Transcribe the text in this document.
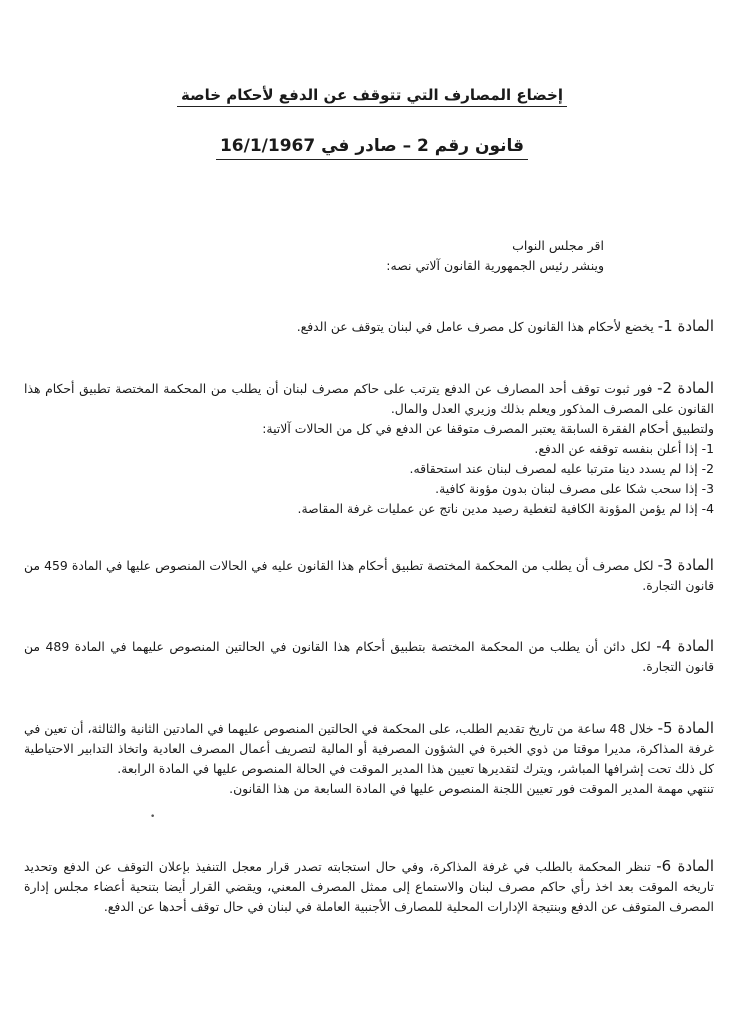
إخضاع المصارف التي تتوقف عن الدفع لأحكام خاصة
قانون رقم 2 – صادر في 16/1/1967
اقر مجلس النواب
وينشر رئيس الجمهورية القانون آلاتي نصه:

المادة 1- يخضع لأحكام هذا القانون كل مصرف عامل في لبنان يتوقف عن الدفع.

المادة 2- فور ثبوت توقف أحد المصارف عن الدفع يترتب على حاكم مصرف لبنان أن يطلب من المحكمة المختصة تطبيق أحكام هذا القانون على المصرف المذكور ويعلم بذلك وزيري العدل والمال.

ولتطبيق أحكام الفقرة السابقة يعتبر المصرف متوقفا عن الدفع في كل من الحالات آلاتية:

1- إذا أعلن بنفسه توقفه عن الدفع.
2- إذا لم يسدد دينا مترتبا عليه لمصرف لبنان عند استحقاقه.
3- إذا سحب شكا على مصرف لبنان بدون مؤونة كافية.
4- إذا لم يؤمن المؤونة الكافية لتغطية رصيد مدين ناتج عن عمليات غرفة المقاصة.

المادة 3- لكل مصرف أن يطلب من المحكمة المختصة تطبيق أحكام هذا القانون عليه في الحالات المنصوص عليها في المادة 459 من قانون التجارة.

المادة 4- لكل دائن أن يطلب من المحكمة المختصة بتطبيق أحكام هذا القانون في الحالتين المنصوص عليهما في المادة 489 من قانون التجارة.

المادة 5- خلال 48 ساعة من تاريخ تقديم الطلب، على المحكمة في الحالتين المنصوص عليهما في المادتين الثانية والثالثة، أن تعين في غرفة المذاكرة، مديرا موقتا من ذوي الخبرة في الشؤون المصرفية أو المالية لتصريف أعمال المصرف العادية واتخاذ التدابير الاحتياطية كل ذلك تحت إشرافها المباشر، ويترك لتقديرها تعيين هذا المدير الموقت في الحالة المنصوص عليها في المادة الرابعة.

تنتهي مهمة المدير الموقت فور تعيين اللجنة المنصوص عليها في المادة السابعة من هذا القانون.

المادة 6- تنظر المحكمة بالطلب في غرفة المذاكرة، وفي حال استجابته تصدر قرار معجل التنفيذ بإعلان التوقف عن الدفع وتحديد تاريخه الموقت بعد اخذ رأي حاكم مصرف لبنان والاستماع إلى ممثل المصرف المعني، ويقضي القرار أيضا بتنحية أعضاء مجلس إدارة المصرف المتوقف عن الدفع وبنتيجة الإدارات المحلية للمصارف الأجنبية العاملة في لبنان في حال توقف أحدها عن الدفع.

•
